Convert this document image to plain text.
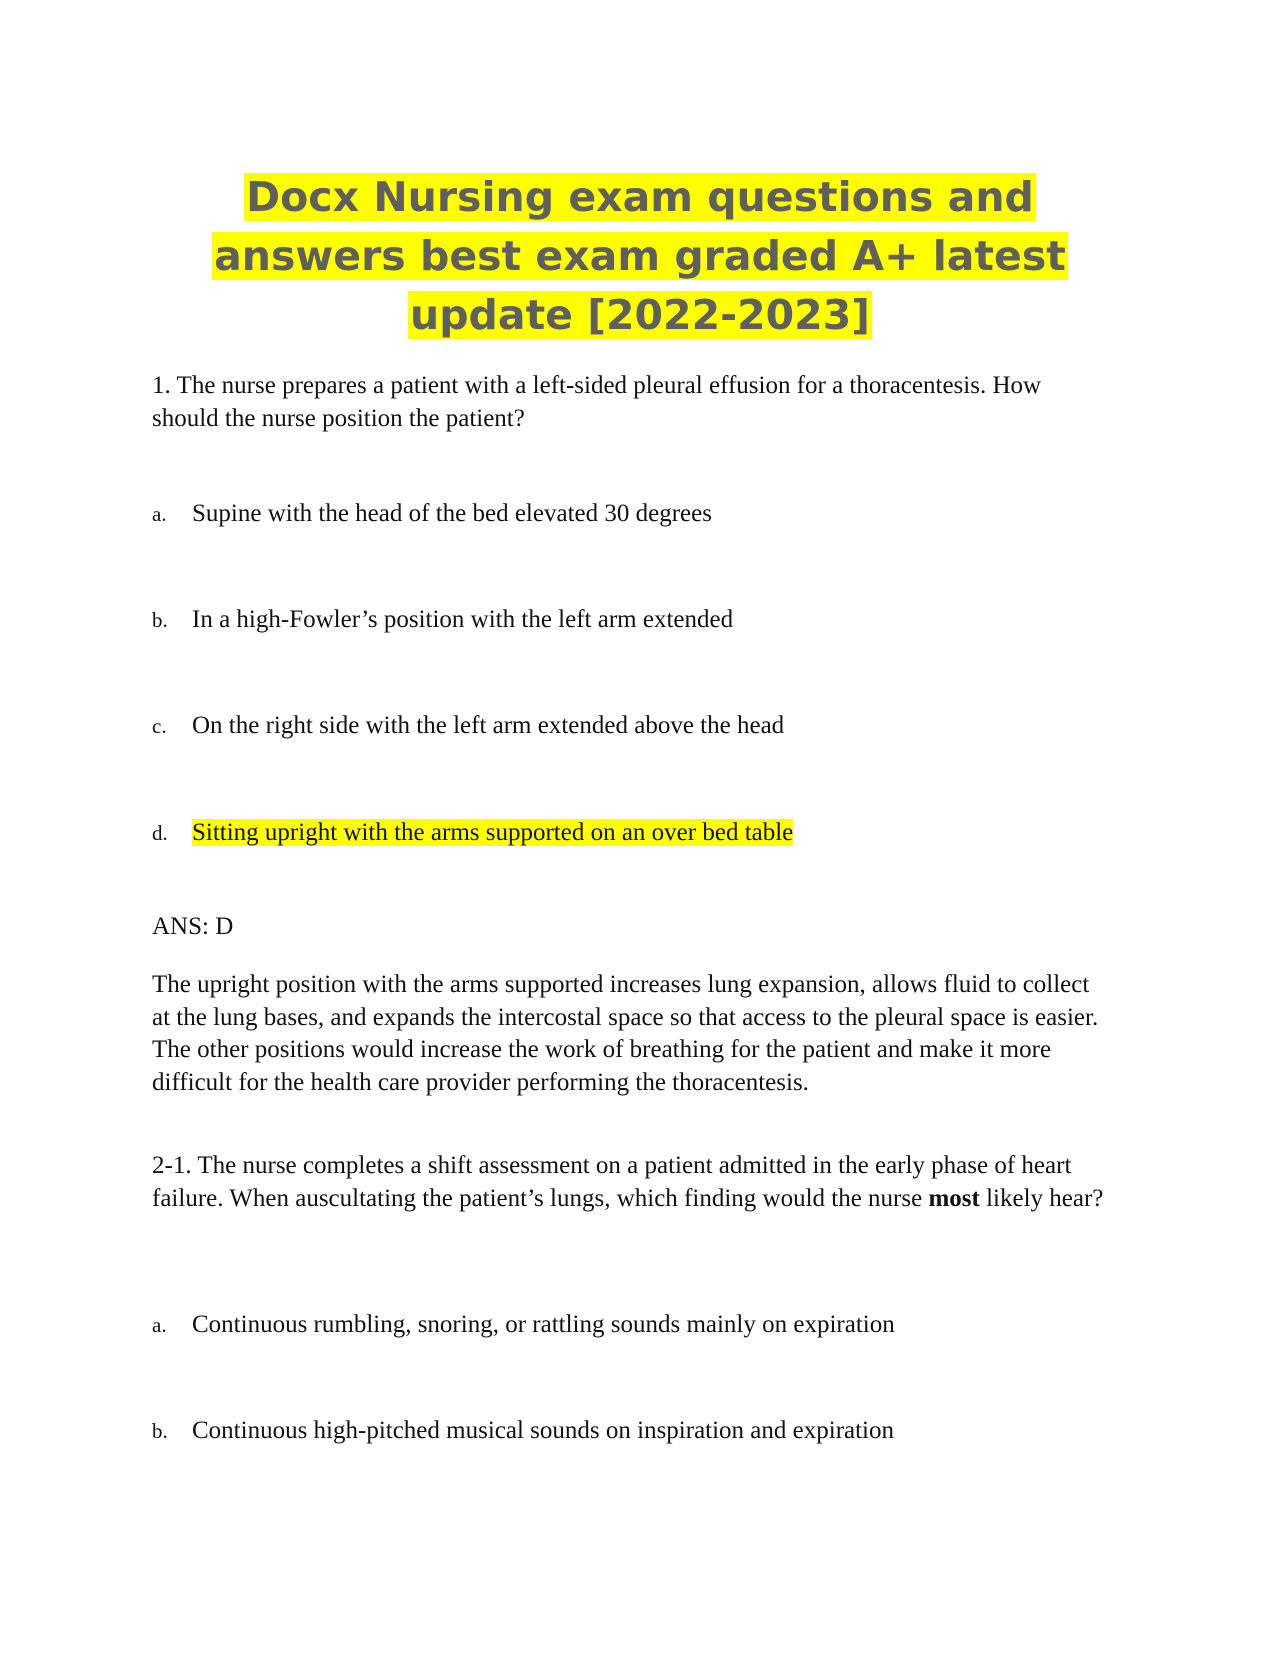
Docx Nursing exam questions and answers best exam graded A+ latest update [2022-2023]

1. The nurse prepares a patient with a left-sided pleural effusion for a thoracentesis. How should the nurse position the patient?

a. Supine with the head of the bed elevated 30 degrees

b. In a high-Fowler’s position with the left arm extended

c. On the right side with the left arm extended above the head

d. Sitting upright with the arms supported on an over bed table

ANS: D

The upright position with the arms supported increases lung expansion, allows fluid to collect at the lung bases, and expands the intercostal space so that access to the pleural space is easier. The other positions would increase the work of breathing for the patient and make it more difficult for the health care provider performing the thoracentesis.

2-1. The nurse completes a shift assessment on a patient admitted in the early phase of heart failure. When auscultating the patient’s lungs, which finding would the nurse most likely hear?

a. Continuous rumbling, snoring, or rattling sounds mainly on expiration

b. Continuous high-pitched musical sounds on inspiration and expiration
